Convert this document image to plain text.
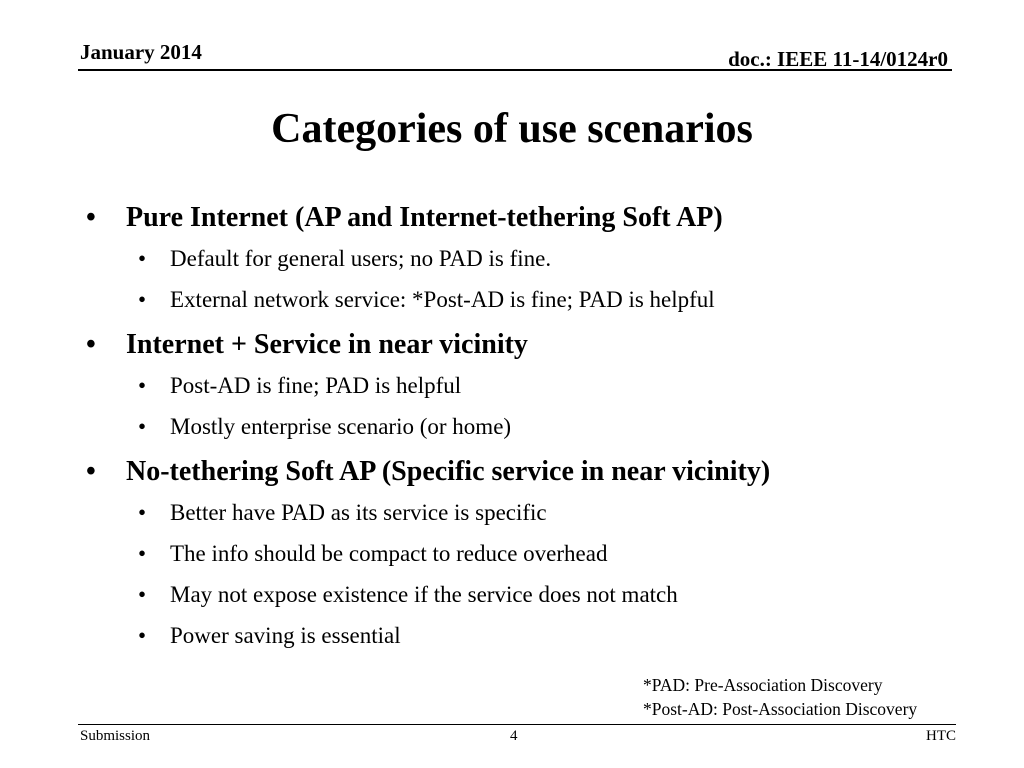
January 2014	doc.: IEEE 11-14/0124r0
Categories of use scenarios
• Pure Internet (AP and Internet-tethering Soft AP)
• Default for general users; no PAD is fine.
• External network service: *Post-AD is fine; PAD is helpful
• Internet + Service in near vicinity
• Post-AD is fine; PAD is helpful
• Mostly enterprise scenario (or home)
• No-tethering Soft AP (Specific service in near vicinity)
• Better have PAD as its service is specific
• The info should be compact to reduce overhead
• May not expose existence if the service does not match
• Power saving is essential
*PAD: Pre-Association Discovery
*Post-AD: Post-Association Discovery
Submission	4	HTC
